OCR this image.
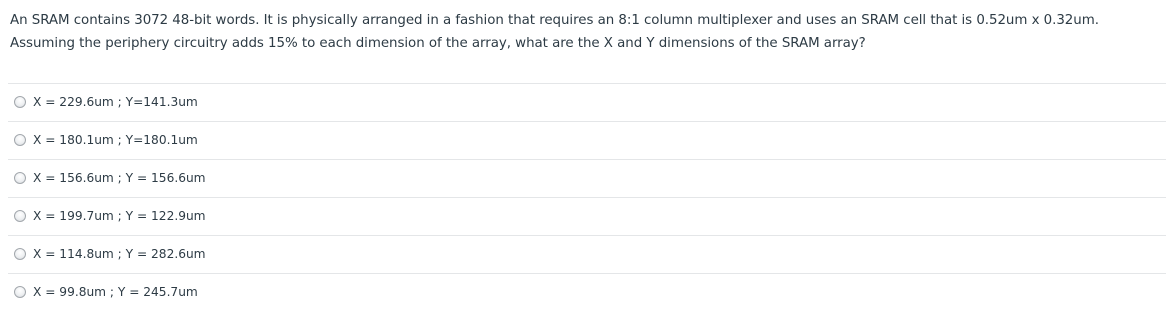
An SRAM contains 3072 48-bit words. It is physically arranged in a fashion that requires an 8:1 column multiplexer and uses an SRAM cell that is 0.52um x 0.32um.

Assuming the periphery circuitry adds 15% to each dimension of the array, what are the X and Y dimensions of the SRAM array?

X = 229.6um ; Y=141.3um
X = 180.1um ; Y=180.1um
X = 156.6um ; Y = 156.6um
X = 199.7um ; Y = 122.9um
X = 114.8um ; Y = 282.6um
X = 99.8um ; Y = 245.7um
